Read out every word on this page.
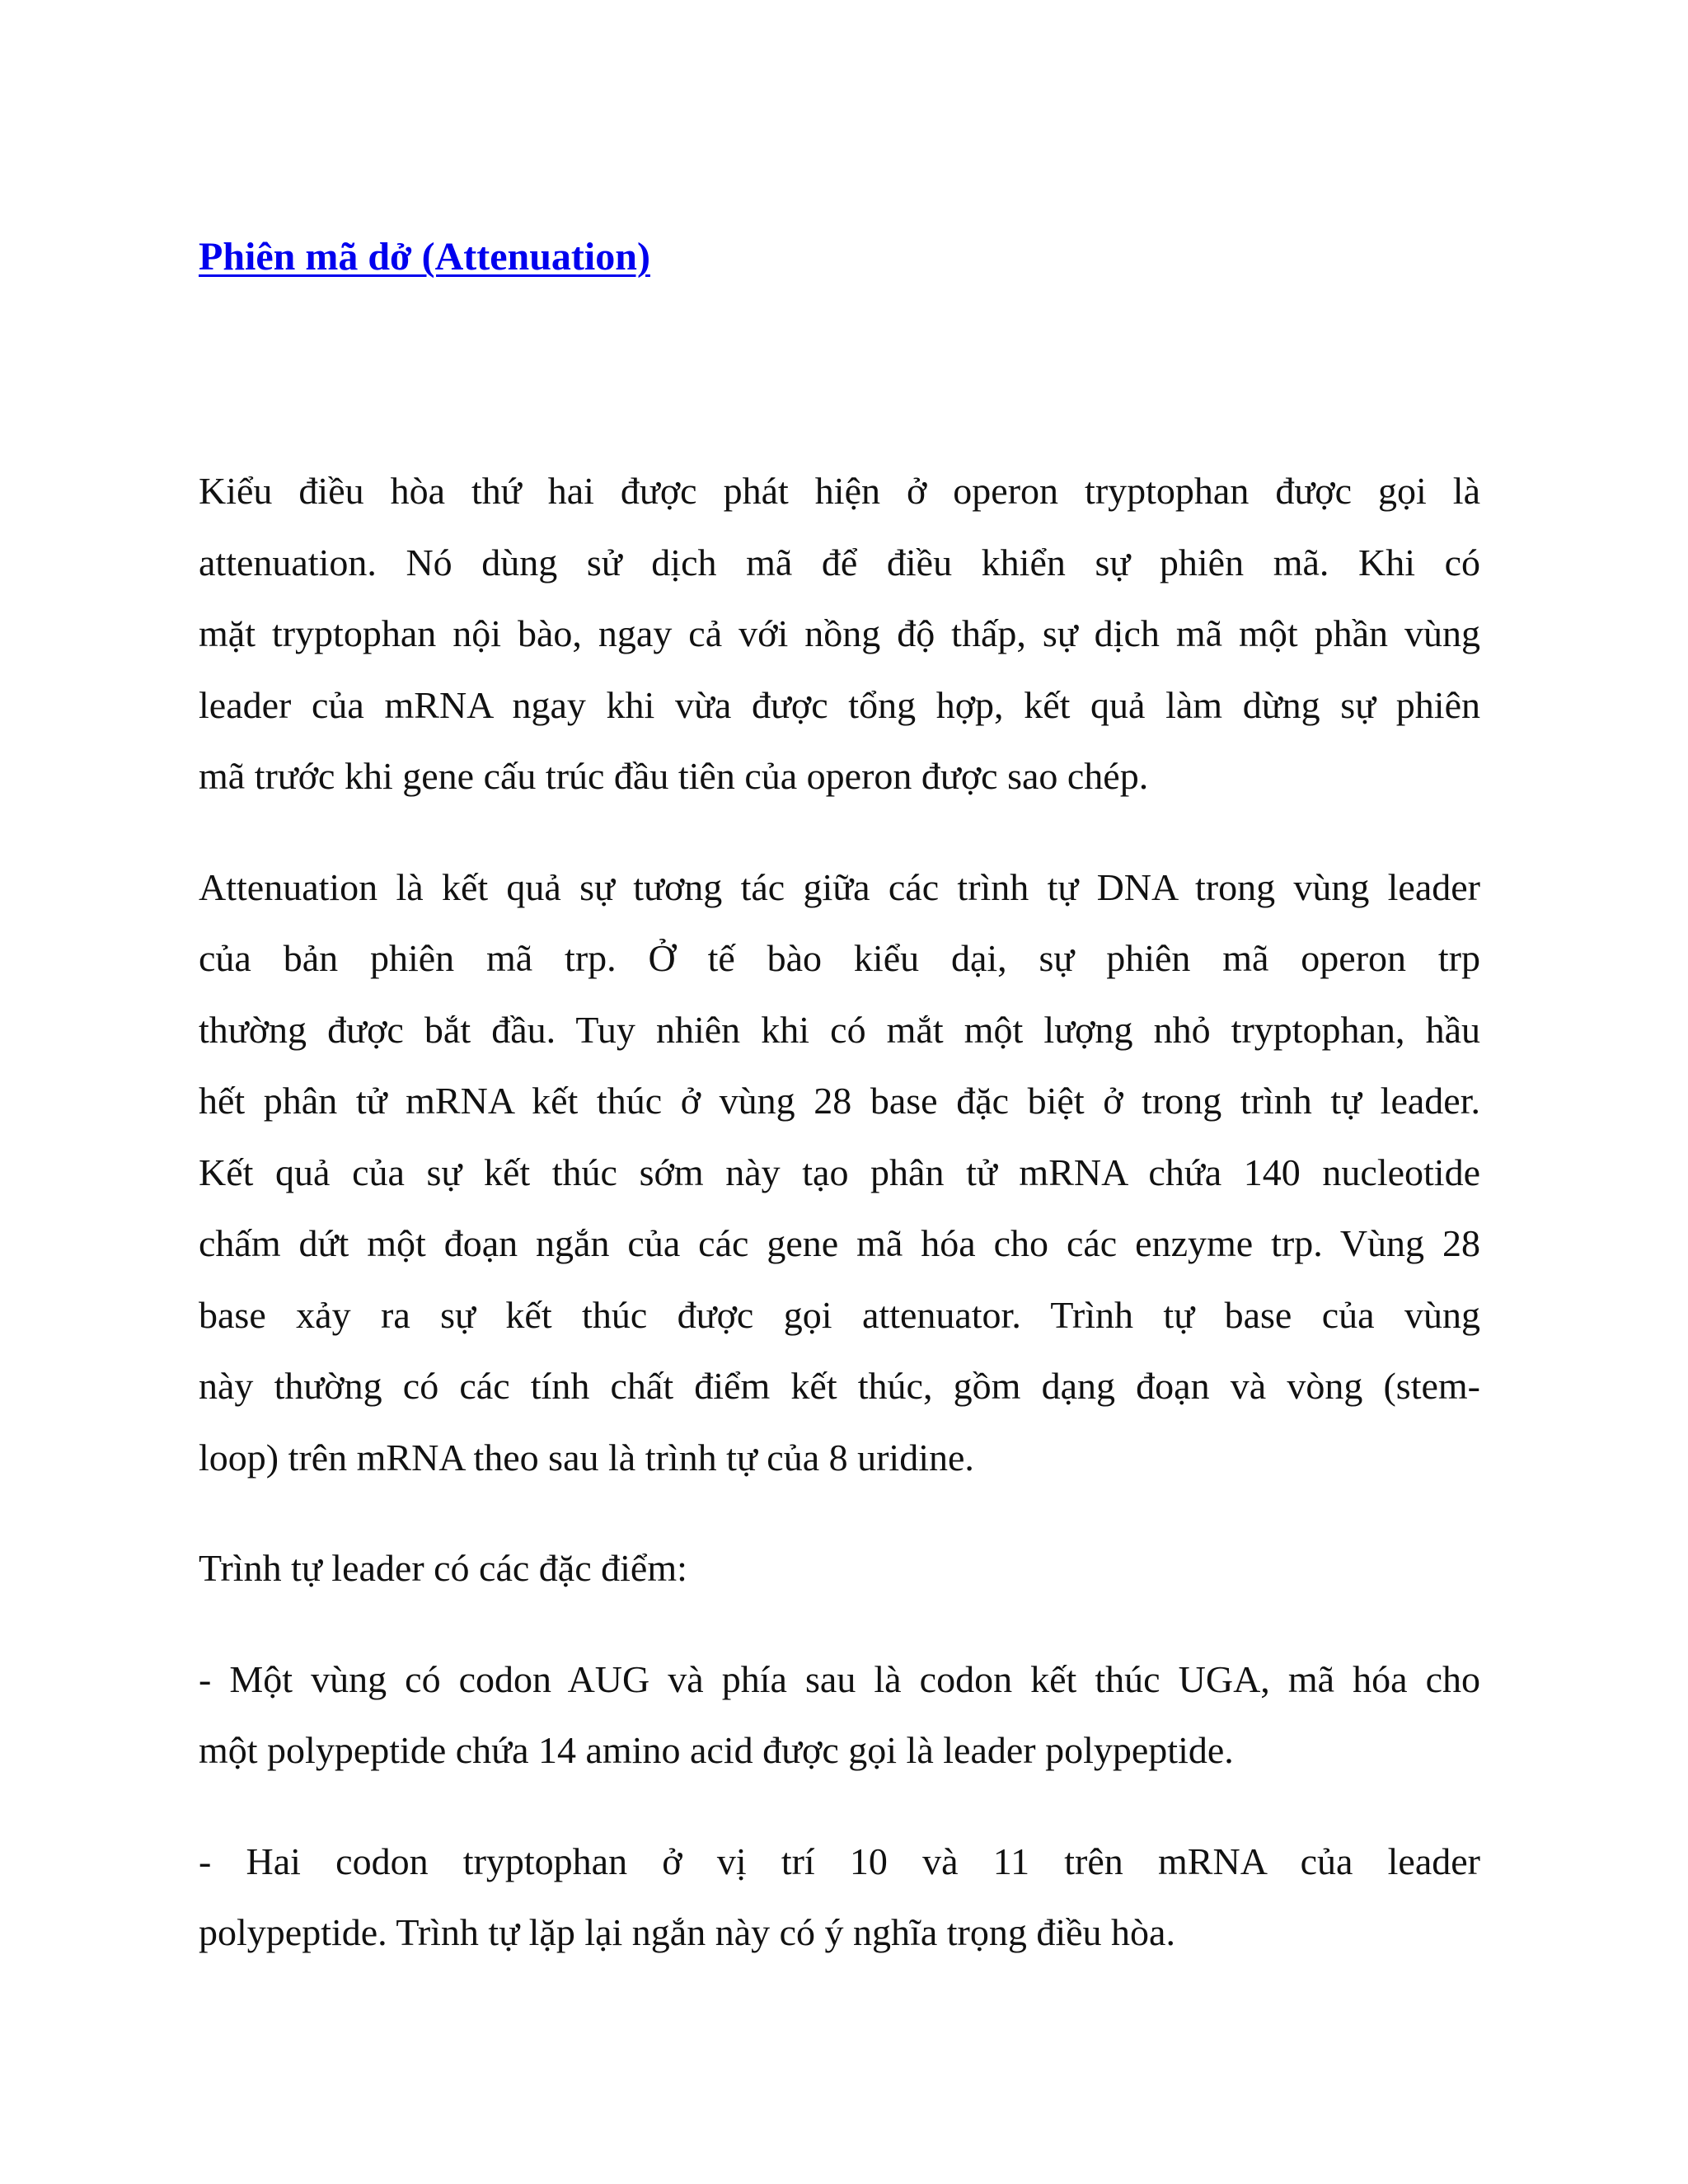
Phiên mã dở (Attenuation)

Kiểu điều hòa thứ hai được phát hiện ở operon tryptophan được gọi là
attenuation. Nó dùng sử dịch mã để điều khiển sự phiên mã. Khi có
mặt tryptophan nội bào, ngay cả với nồng độ thấp, sự dịch mã một phần vùng
leader của mRNA ngay khi vừa được tổng hợp, kết quả làm dừng sự phiên
mã trước khi gene cấu trúc đầu tiên của operon được sao chép.

Attenuation là kết quả sự tương tác giữa các trình tự DNA trong vùng leader
của bản phiên mã trp. Ở tế bào kiểu dại, sự phiên mã operon trp
thường được bắt đầu. Tuy nhiên khi có mắt một lượng nhỏ tryptophan, hầu
hết phân tử mRNA kết thúc ở vùng 28 base đặc biệt ở trong trình tự leader.
Kết quả của sự kết thúc sớm này tạo phân tử mRNA chứa 140 nucleotide
chấm dứt một đoạn ngắn của các gene mã hóa cho các enzyme trp. Vùng 28
base xảy ra sự kết thúc được gọi attenuator. Trình tự base của vùng
này thường có các tính chất điểm kết thúc, gồm dạng đoạn và vòng (stem-
loop) trên mRNA theo sau là trình tự của 8 uridine.

Trình tự leader có các đặc điểm:

- Một vùng có codon AUG và phía sau là codon kết thúc UGA, mã hóa cho
một polypeptide chứa 14 amino acid được gọi là leader polypeptide.

- Hai codon tryptophan ở vị trí 10 và 11 trên mRNA của leader
polypeptide. Trình tự lặp lại ngắn này có ý nghĩa trọng điều hòa.
